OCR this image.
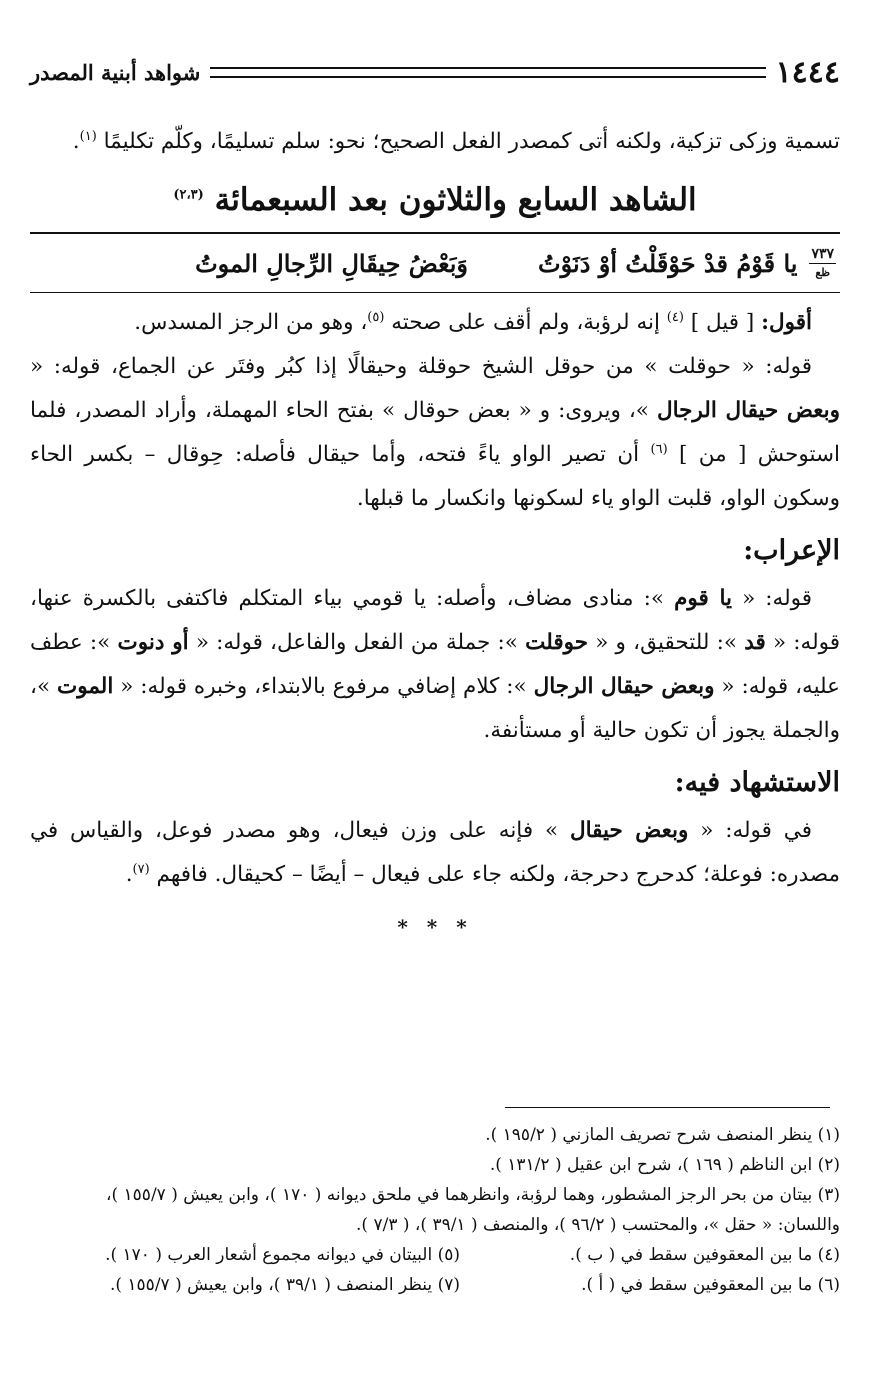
١٤٤٤
شواهد أبنية المصدر

تسمية وزكى تزكية، ولكنه أتى كمصدر الفعل الصحيح؛ نحو: سلم تسليمًا، وكلّم تكليمًا $^{(١)}$.

الشاهد السابع والثلاثون بعد السبعمائة $^{(٢،٣)}$
٧٣٧
ظع
يا قَوْمُ قدْ حَوْقَلْتُ أوْ دَنَوْتُ
وَبَعْضُ حِيقَالِ الرِّجالِ الموتُ

أقول: [ قيل ] $^{(٤)}$ إنه لرؤبة، ولم أقف على صحته $^{(٥)}$، وهو من الرجز المسدس.

قوله: « حوقلت » من حوقل الشيخ حوقلة وحيقالًا إذا كبُر وفتَر عن الجماع، قوله: « وبعض حيقال الرجال »، ويروى: و « بعض حوقال » بفتح الحاء المهملة، وأراد المصدر، فلما استوحش [ من ] $^{(٦)}$ أن تصير الواو ياءً فتحه، وأما حيقال فأصله: حِوقال – بكسر الحاء وسكون الواو، قلبت الواو ياء لسكونها وانكسار ما قبلها.

الإعراب:

قوله: « يا قوم »: منادى مضاف، وأصله: يا قومي بياء المتكلم فاكتفى بالكسرة عنها، قوله: « قد »: للتحقيق، و « حوقلت »: جملة من الفعل والفاعل، قوله: « أو دنوت »: عطف عليه، قوله: « وبعض حيقال الرجال »: كلام إضافي مرفوع بالابتداء، وخبره قوله: « الموت »، والجملة يجوز أن تكون حالية أو مستأنفة.

الاستشهاد فيه:

في قوله: « وبعض حيقال » فإنه على وزن فيعال، وهو مصدر فوعل، والقياس في مصدره: فوعلة؛ كدحرج دحرجة، ولكنه جاء على فيعال – أيضًا – كحيقال. فافهم $^{(٧)}$.

* * *

(١) ينظر المنصف شرح تصريف المازني ( ١٩٥/٢ ).

(٢) ابن الناظم ( ١٦٩ )، شرح ابن عقيل ( ١٣١/٢ ).

(٣) بيتان من بحر الرجز المشطور، وهما لرؤبة، وانظرهما في ملحق ديوانه ( ١٧٠ )، وابن يعيش ( ١٥٥/٧ )،

واللسان: « حقل »، والمحتسب ( ٩٦/٢ )، والمنصف ( ٣٩/١ )، ( ٧/٣ ).

(٤) ما بين المعقوفين سقط في ( ب ).
(٥) البيتان في ديوانه مجموع أشعار العرب ( ١٧٠ ).
(٦) ما بين المعقوفين سقط في ( أ ).
(٧) ينظر المنصف ( ٣٩/١ )، وابن يعيش ( ١٥٥/٧ ).
